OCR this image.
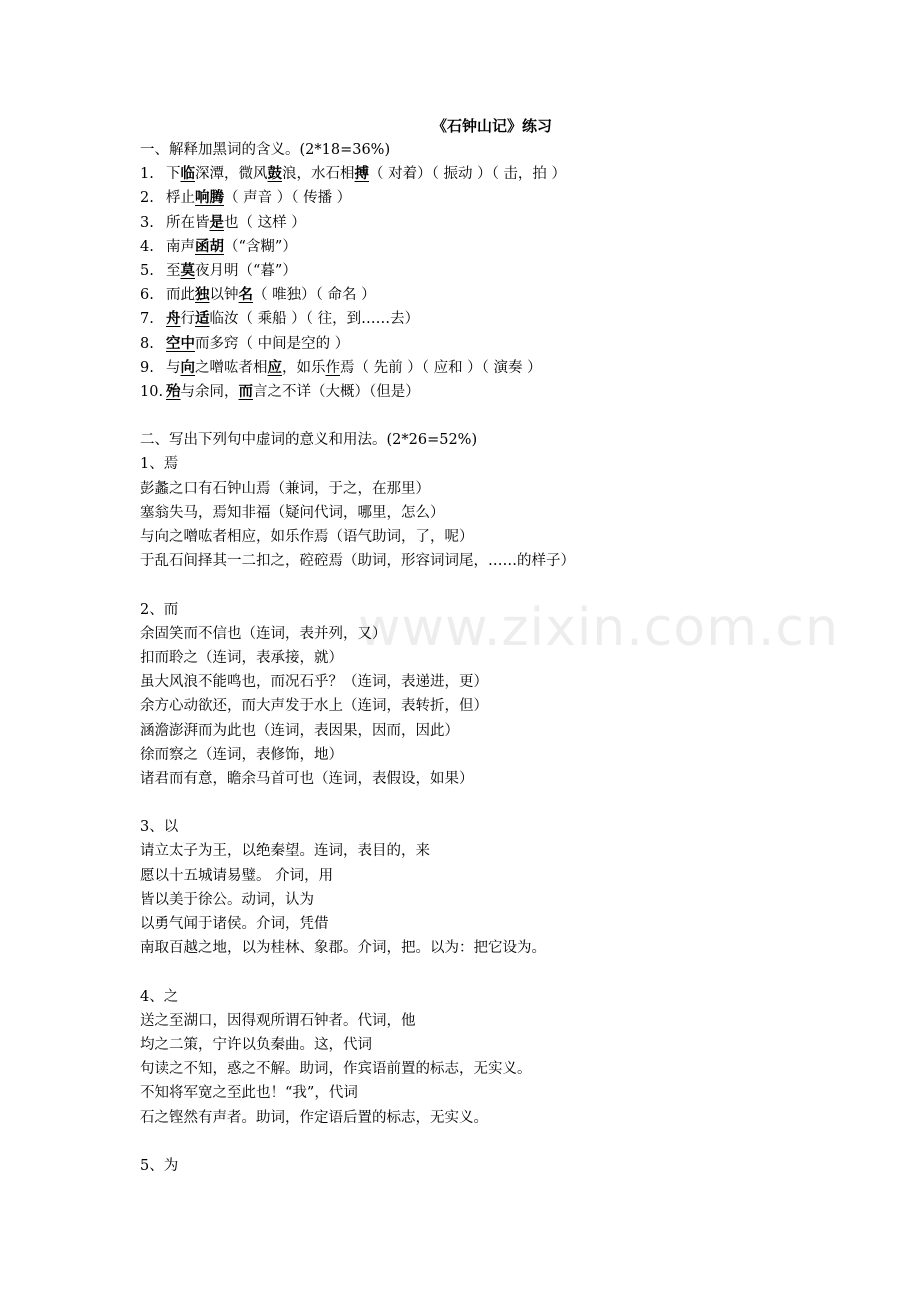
www.zixin.com.cn
《石钟山记》练习
一、解释加黑词的含义。(2*18=36%)
1. 下临深潭，微风鼓浪，水石相搏（ 对着）（ 振动 ）（ 击，拍 ）
2. 桴止响腾（ 声音 ）（ 传播 ）
3. 所在皆是也（ 这样 ）
4. 南声函胡（“含糊”）
5. 至莫夜月明（“暮”）
6. 而此独以钟名（ 唯独）（ 命名 ）
7. 舟行适临汝（ 乘船 ）（ 往，到……去）
8. 空中而多窍（ 中间是空的 ）
9. 与向之噌吰者相应，如乐作焉（ 先前 ）（ 应和 ）（ 演奏 ）
10. 殆与余同，而言之不详（大概）（但是）
二、写出下列句中虚词的意义和用法。(2*26=52%)
1、焉
彭蠡之口有石钟山焉（兼词，于之，在那里）
塞翁失马，焉知非福（疑问代词，哪里，怎么）
与向之噌吰者相应，如乐作焉（语气助词，了，呢）
于乱石间择其一二扣之，硿硿焉（助词，形容词词尾，……的样子）
2、而
余固笑而不信也（连词，表并列，又）
扣而聆之（连词，表承接，就）
虽大风浪不能鸣也，而况石乎？（连词，表递进，更）
余方心动欲还，而大声发于水上（连词，表转折，但）
涵澹澎湃而为此也（连词，表因果，因而，因此）
徐而察之（连词，表修饰，地）
诸君而有意，瞻余马首可也（连词，表假设，如果）
3、以
请立太子为王，以绝秦望。连词，表目的，来
愿以十五城请易璧。 介词，用
皆以美于徐公。动词，认为
以勇气闻于诸侯。介词，凭借
南取百越之地，以为桂林、象郡。介词，把。以为：把它设为。
4、之
送之至湖口，因得观所谓石钟者。代词，他
均之二策，宁许以负秦曲。这，代词
句读之不知，惑之不解。助词，作宾语前置的标志，无实义。
不知将军宽之至此也！“我”，代词
石之铿然有声者。助词，作定语后置的标志，无实义。
5、为
